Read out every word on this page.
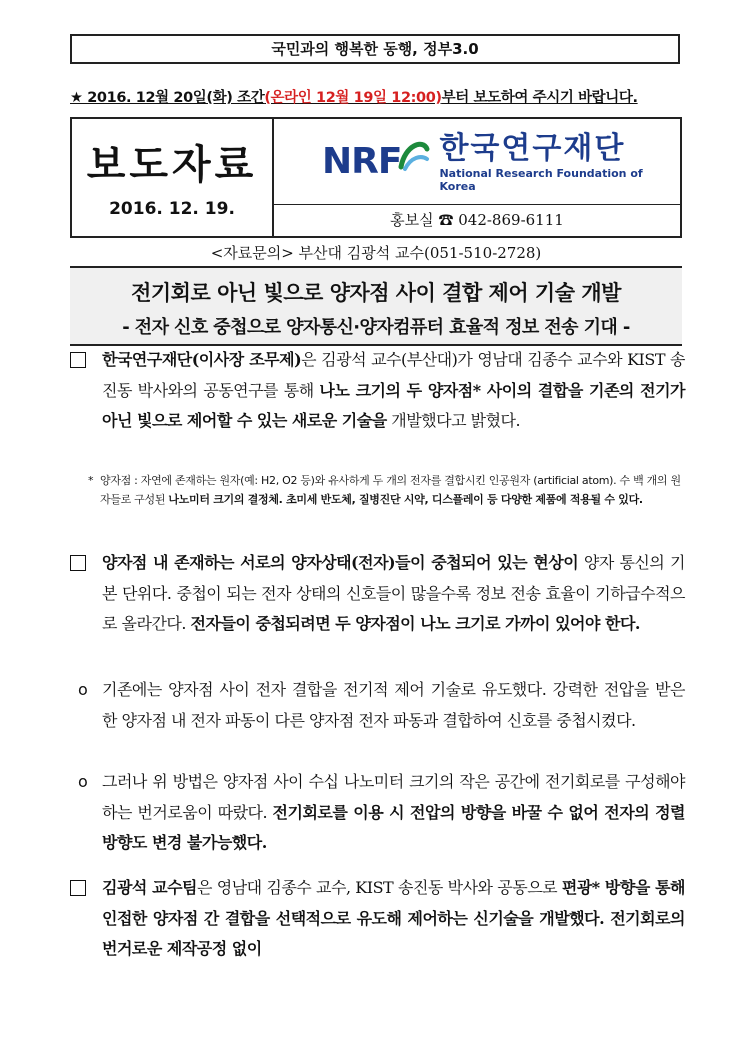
국민과의 행복한 동행, 정부3.0
★ 2016. 12월 20일(화) 조간(온라인 12월 19일 12:00)부터 보도하여 주시기 바랍니다.
보도자료
2016. 12. 19.
NRF 한국연구재단
National Research Foundation of Korea
홍보실 ☎ 042-869-6111
<자료문의> 부산대 김광석 교수(051-510-2728)
전기회로 아닌 빛으로 양자점 사이 결합 제어 기술 개발
- 전자 신호 중첩으로 양자통신·양자컴퓨터 효율적 정보 전송 기대 -
한국연구재단(이사장 조무제)은 김광석 교수(부산대)가 영남대 김종수 교수와 KIST 송진동 박사와의 공동연구를 통해 나노 크기의 두 양자점* 사이의 결합을 기존의 전기가 아닌 빛으로 제어할 수 있는 새로운 기술을 개발했다고 밝혔다.
* 양자점 : 자연에 존재하는 원자(예: H2, O2 등)와 유사하게 두 개의 전자를 결합시킨 인공원자 (artificial atom). 수 백 개의 원자들로 구성된 나노미터 크기의 결정체. 초미세 반도체, 질병진단 시약, 디스플레이 등 다양한 제품에 적용될 수 있다.
양자점 내 존재하는 서로의 양자상태(전자)들이 중첩되어 있는 현상이 양자 통신의 기본 단위다. 중첩이 되는 전자 상태의 신호들이 많을수록 정보 전송 효율이 기하급수적으로 올라간다. 전자들이 중첩되려면 두 양자점이 나노 크기로 가까이 있어야 한다.
o 기존에는 양자점 사이 전자 결합을 전기적 제어 기술로 유도했다. 강력한 전압을 받은 한 양자점 내 전자 파동이 다른 양자점 전자 파동과 결합하여 신호를 중첩시켰다.
o 그러나 위 방법은 양자점 사이 수십 나노미터 크기의 작은 공간에 전기회로를 구성해야 하는 번거로움이 따랐다. 전기회로를 이용 시 전압의 방향을 바꿀 수 없어 전자의 정렬 방향도 변경 불가능했다.
김광석 교수팀은 영남대 김종수 교수, KIST 송진동 박사와 공동으로 편광* 방향을 통해 인접한 양자점 간 결합을 선택적으로 유도해 제어하는 신기술을 개발했다. 전기회로의 번거로운 제작공정 없이
